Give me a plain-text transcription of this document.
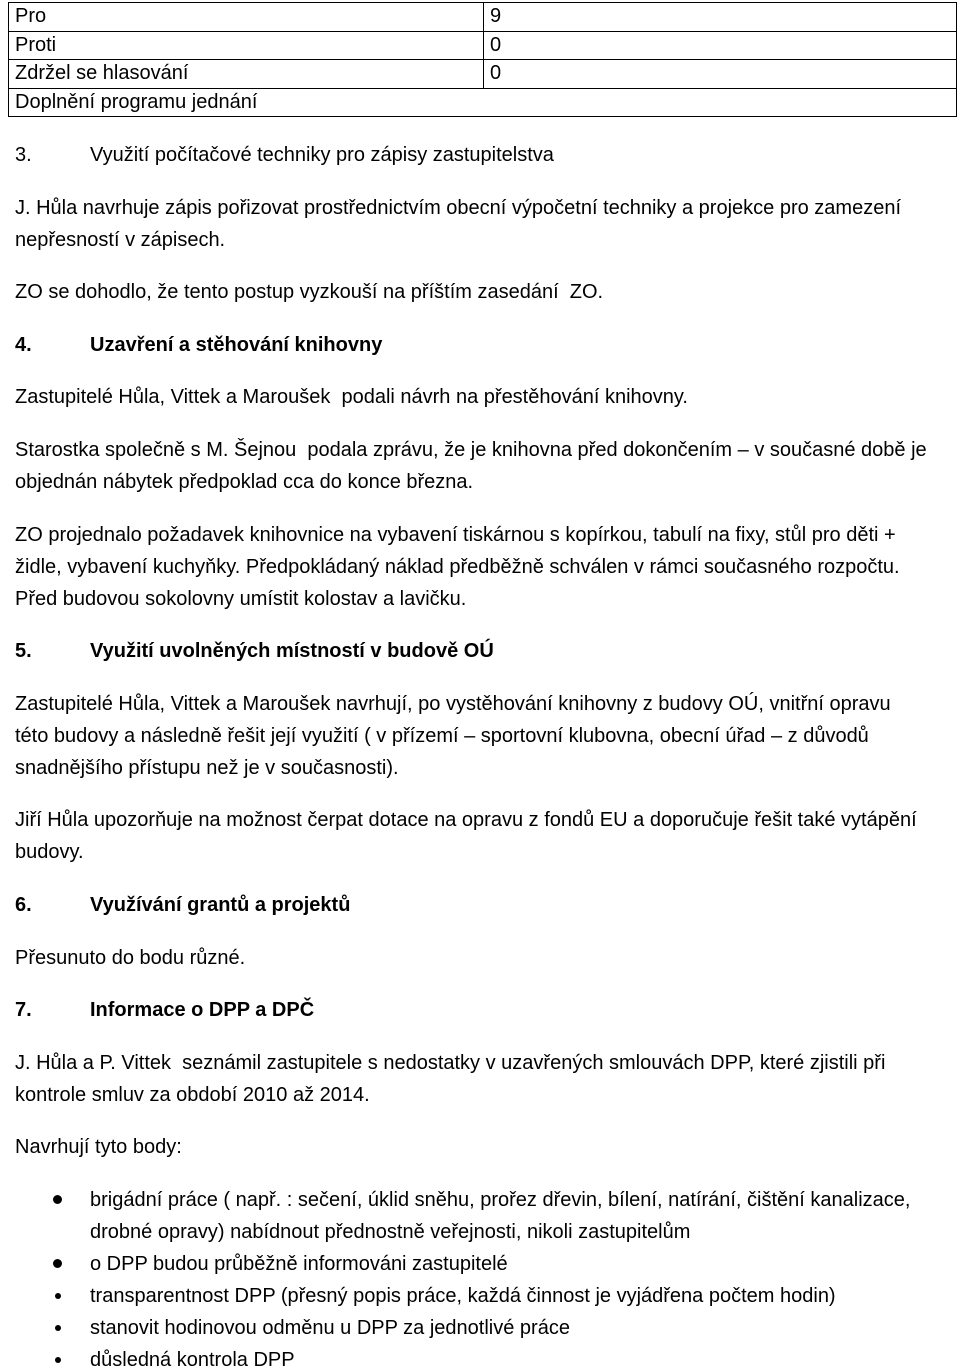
Pro	9
Proti	0
Zdržel se hlasování	0
Doplnění programu jednání
3.	Využití počítačové techniky pro zápisy zastupitelstva
J. Hůla navrhuje zápis pořizovat prostřednictvím obecní výpočetní techniky a projekce pro zamezení
nepřesností v zápisech.
ZO se dohodlo, že tento postup vyzkouší na příštím zasedání  ZO.
4.	Uzavření a stěhování knihovny
Zastupitelé Hůla, Vittek a Maroušek  podali návrh na přestěhování knihovny.
Starostka společně s M. Šejnou  podala zprávu, že je knihovna před dokončením – v současné době je
objednán nábytek předpoklad cca do konce března.
ZO projednalo požadavek knihovnice na vybavení tiskárnou s kopírkou, tabulí na fixy, stůl pro děti +
židle, vybavení kuchyňky. Předpokládaný náklad předběžně schválen v rámci současného rozpočtu.
Před budovou sokolovny umístit kolostav a lavičku.
5.	Využití uvolněných místností v budově OÚ
Zastupitelé Hůla, Vittek a Maroušek navrhují, po vystěhování knihovny z budovy OÚ, vnitřní opravu
této budovy a následně řešit její využití ( v přízemí – sportovní klubovna, obecní úřad – z důvodů
snadnějšího přístupu než je v současnosti).
Jiří Hůla upozorňuje na možnost čerpat dotace na opravu z fondů EU a doporučuje řešit také vytápění
budovy.
6.	Využívání grantů a projektů
Přesunuto do bodu různé.
7.	Informace o DPP a DPČ
J. Hůla a P. Vittek  seznámil zastupitele s nedostatky v uzavřených smlouvách DPP, které zjistili při
kontrole smluv za období 2010 až 2014.
Navrhují tyto body:
brigádní práce ( např. : sečení, úklid sněhu, prořez dřevin, bílení, natírání, čištění kanalizace,
drobné opravy) nabídnout přednostně veřejnosti, nikoli zastupitelům
o DPP budou průběžně informováni zastupitelé
transparentnost DPP (přesný popis práce, každá činnost je vyjádřena počtem hodin)
stanovit hodinovou odměnu u DPP za jednotlivé práce
důsledná kontrola DPP
